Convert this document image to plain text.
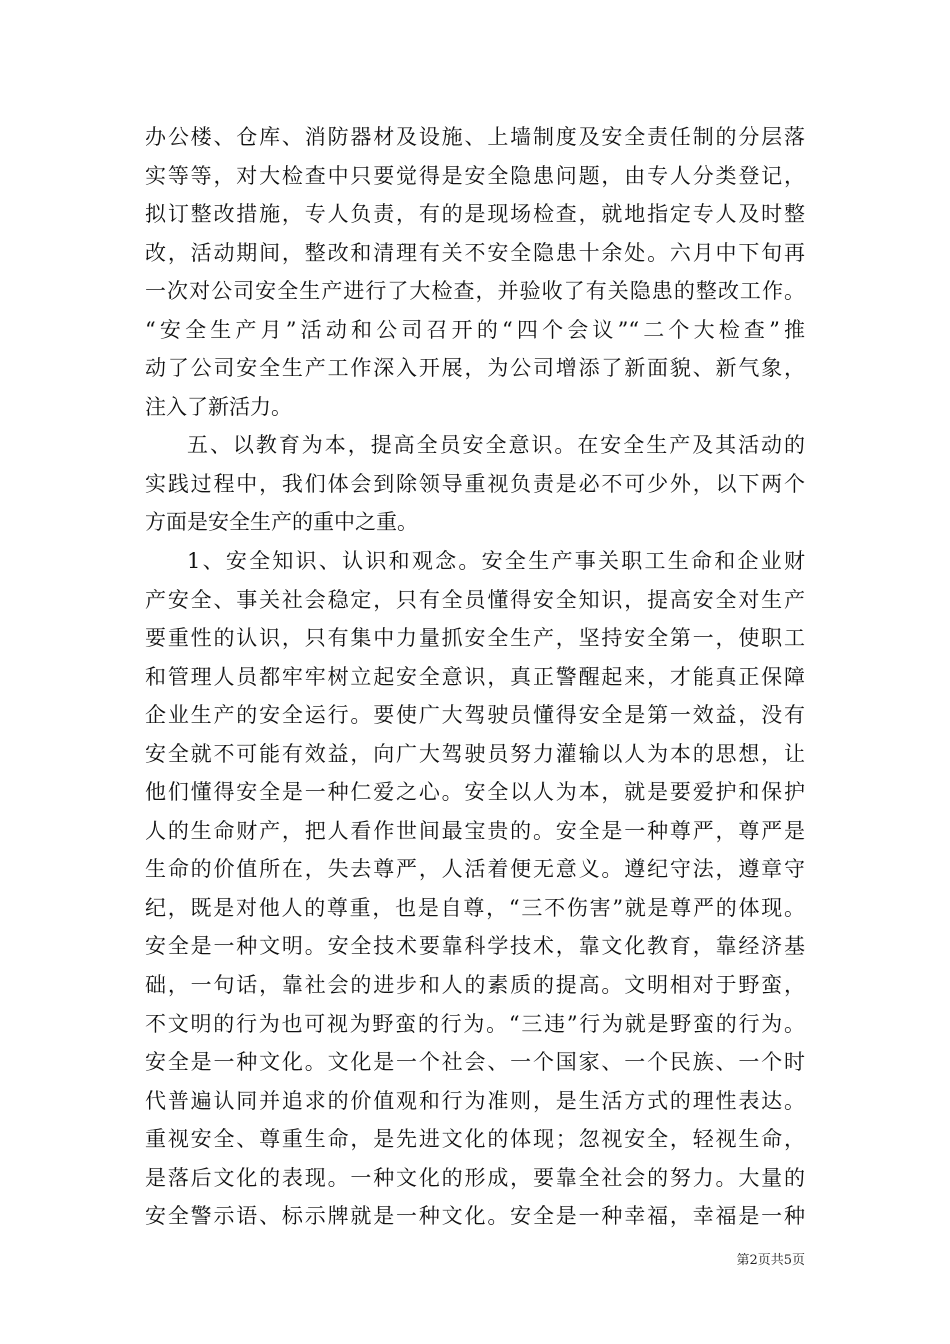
办公楼、仓库、消防器材及设施、上墙制度及安全责任制的分层落
实等等，对大检查中只要觉得是安全隐患问题，由专人分类登记，
拟订整改措施，专人负责，有的是现场检查，就地指定专人及时整
改，活动期间，整改和清理有关不安全隐患十余处。六月中下旬再
一次对公司安全生产进行了大检查，并验收了有关隐患的整改工作。
“安全生产月”活动和公司召开的“四个会议”“二个大检查”推
动了公司安全生产工作深入开展，为公司增添了新面貌、新气象，
注入了新活力。
五、以教育为本，提高全员安全意识。在安全生产及其活动的
实践过程中，我们体会到除领导重视负责是必不可少外，以下两个
方面是安全生产的重中之重。
1、安全知识、认识和观念。安全生产事关职工生命和企业财
产安全、事关社会稳定，只有全员懂得安全知识，提高安全对生产
要重性的认识，只有集中力量抓安全生产，坚持安全第一，使职工
和管理人员都牢牢树立起安全意识，真正警醒起来，才能真正保障
企业生产的安全运行。要使广大驾驶员懂得安全是第一效益，没有
安全就不可能有效益，向广大驾驶员努力灌输以人为本的思想，让
他们懂得安全是一种仁爱之心。安全以人为本，就是要爱护和保护
人的生命财产，把人看作世间最宝贵的。安全是一种尊严，尊严是
生命的价值所在，失去尊严，人活着便无意义。遵纪守法，遵章守
纪，既是对他人的尊重，也是自尊，“三不伤害”就是尊严的体现。
安全是一种文明。安全技术要靠科学技术，靠文化教育，靠经济基
础，一句话，靠社会的进步和人的素质的提高。文明相对于野蛮，
不文明的行为也可视为野蛮的行为。“三违”行为就是野蛮的行为。
安全是一种文化。文化是一个社会、一个国家、一个民族、一个时
代普遍认同并追求的价值观和行为准则，是生活方式的理性表达。
重视安全、尊重生命，是先进文化的体现；忽视安全，轻视生命，
是落后文化的表现。一种文化的形成，要靠全社会的努力。大量的
安全警示语、标示牌就是一种文化。安全是一种幸福，幸福是一种
第2页共5页
